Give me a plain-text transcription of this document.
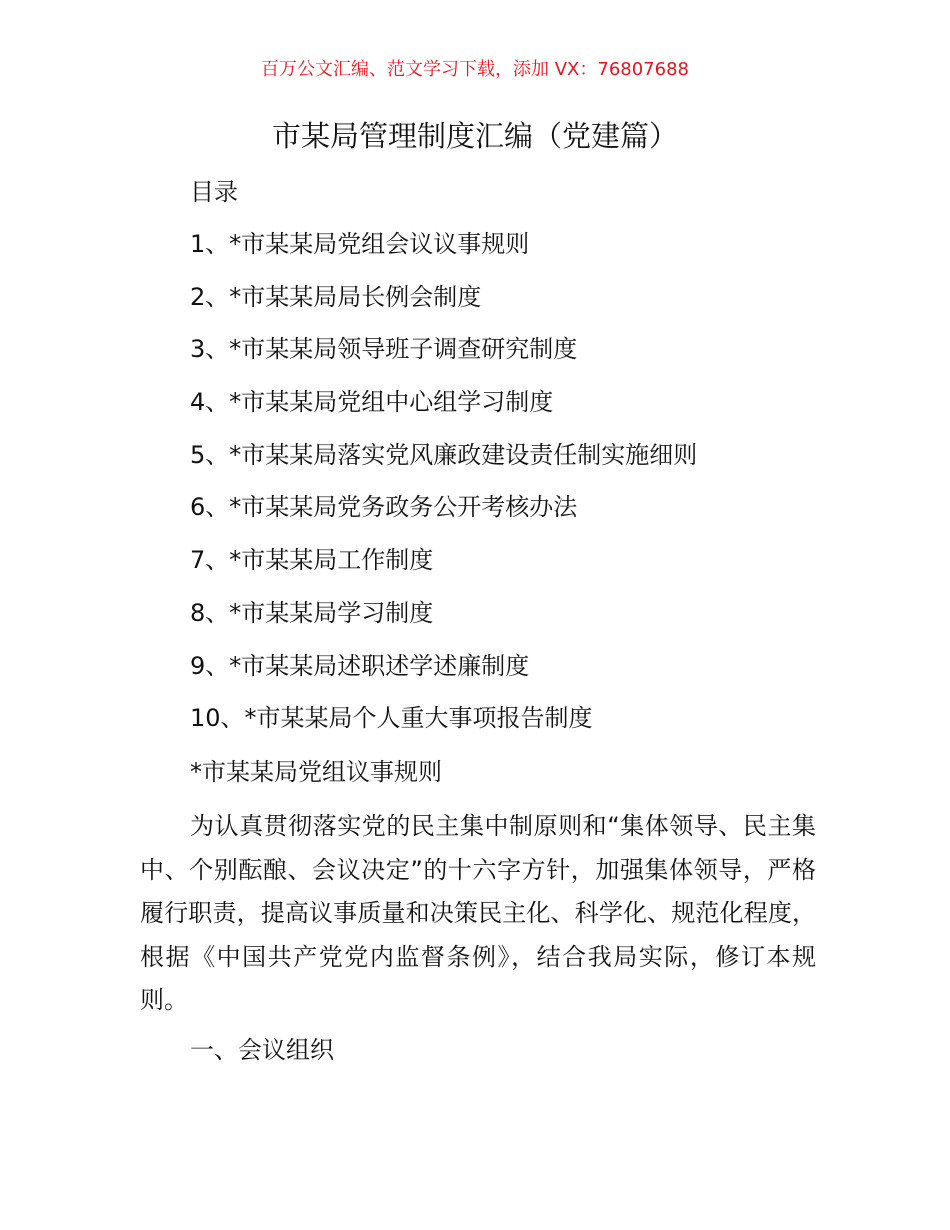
百万公文汇编、范文学习下载，添加 VX：76807688
市某局管理制度汇编（党建篇）
目录
1、*市某某局党组会议议事规则
2、*市某某局局长例会制度
3、*市某某局领导班子调查研究制度
4、*市某某局党组中心组学习制度
5、*市某某局落实党风廉政建设责任制实施细则
6、*市某某局党务政务公开考核办法
7、*市某某局工作制度
8、*市某某局学习制度
9、*市某某局述职述学述廉制度
10、*市某某局个人重大事项报告制度
*市某某局党组议事规则

为认真贯彻落实党的民主集中制原则和“集体领导、民主集中、个别酝酿、会议决定”的十六字方针，加强集体领导，严格履行职责，提高议事质量和决策民主化、科学化、规范化程度，根据《中国共产党党内监督条例》，结合我局实际，修订本规则。

一、会议组织
